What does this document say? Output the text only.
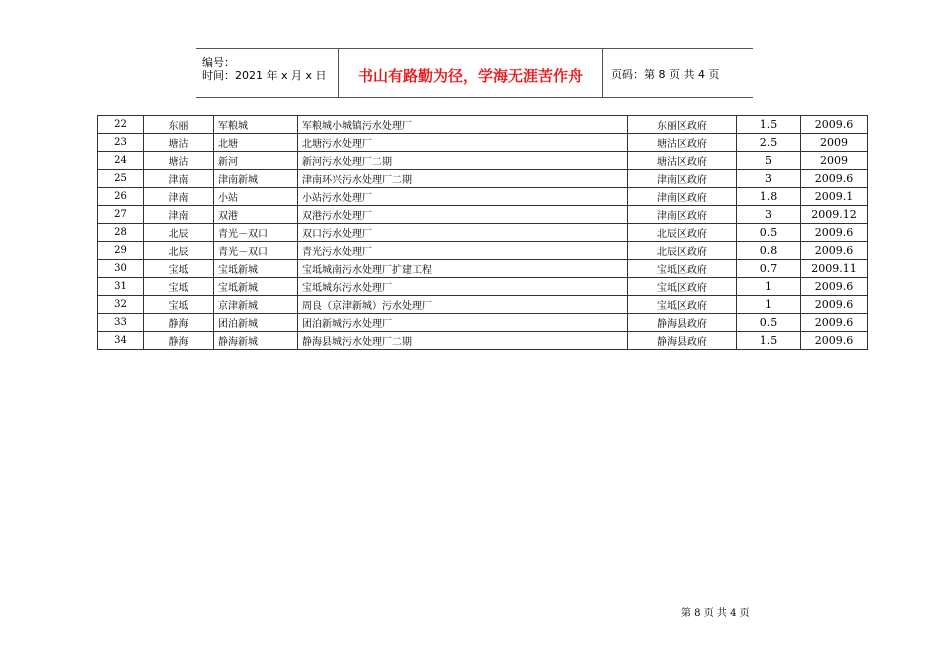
编号：
时间：2021 年 x 月 x 日	书山有路勤为径，学海无涯苦作舟	页码：第 8 页 共 4 页
22	东丽	军粮城	军粮城小城镇污水处理厂	东丽区政府	1.5	2009.6
23	塘沽	北塘	北塘污水处理厂	塘沽区政府	2.5	2009
24	塘沽	新河	新河污水处理厂二期	塘沽区政府	5	2009
25	津南	津南新城	津南环兴污水处理厂二期	津南区政府	3	2009.6
26	津南	小站	小站污水处理厂	津南区政府	1.8	2009.1
27	津南	双港	双港污水处理厂	津南区政府	3	2009.12
28	北辰	青光－双口	双口污水处理厂	北辰区政府	0.5	2009.6
29	北辰	青光－双口	青光污水处理厂	北辰区政府	0.8	2009.6
30	宝坻	宝坻新城	宝坻城南污水处理厂扩建工程	宝坻区政府	0.7	2009.11
31	宝坻	宝坻新城	宝坻城东污水处理厂	宝坻区政府	1	2009.6
32	宝坻	京津新城	周良（京津新城）污水处理厂	宝坻区政府	1	2009.6
33	静海	团泊新城	团泊新城污水处理厂	静海县政府	0.5	2009.6
34	静海	静海新城	静海县城污水处理厂二期	静海县政府	1.5	2009.6
第 8 页 共 4 页
